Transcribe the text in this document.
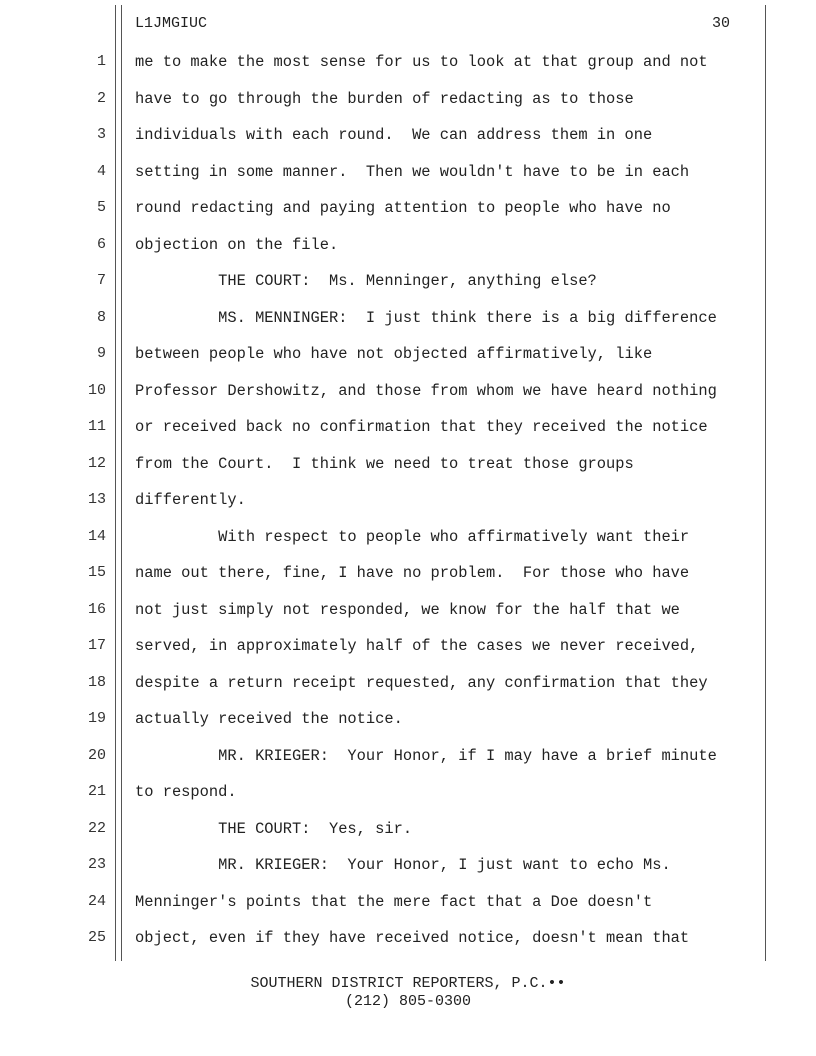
L1JMGIUC	30
1 me to make the most sense for us to look at that group and not
2 have to go through the burden of redacting as to those
3 individuals with each round.  We can address them in one
4 setting in some manner.  Then we wouldn't have to be in each
5 round redacting and paying attention to people who have no
6 objection on the file.
7 THE COURT:  Ms. Menninger, anything else?
8 MS. MENNINGER:  I just think there is a big difference
9 between people who have not objected affirmatively, like
10 Professor Dershowitz, and those from whom we have heard nothing
11 or received back no confirmation that they received the notice
12 from the Court.  I think we need to treat those groups
13 differently.
14 With respect to people who affirmatively want their
15 name out there, fine, I have no problem.  For those who have
16 not just simply not responded, we know for the half that we
17 served, in approximately half of the cases we never received,
18 despite a return receipt requested, any confirmation that they
19 actually received the notice.
20 MR. KRIEGER:  Your Honor, if I may have a brief minute
21 to respond.
22 THE COURT:  Yes, sir.
23 MR. KRIEGER:  Your Honor, I just want to echo Ms.
24 Menninger's points that the mere fact that a Doe doesn't
25 object, even if they have received notice, doesn't mean that
SOUTHERN DISTRICT REPORTERS, P.C.••
(212) 805-0300
